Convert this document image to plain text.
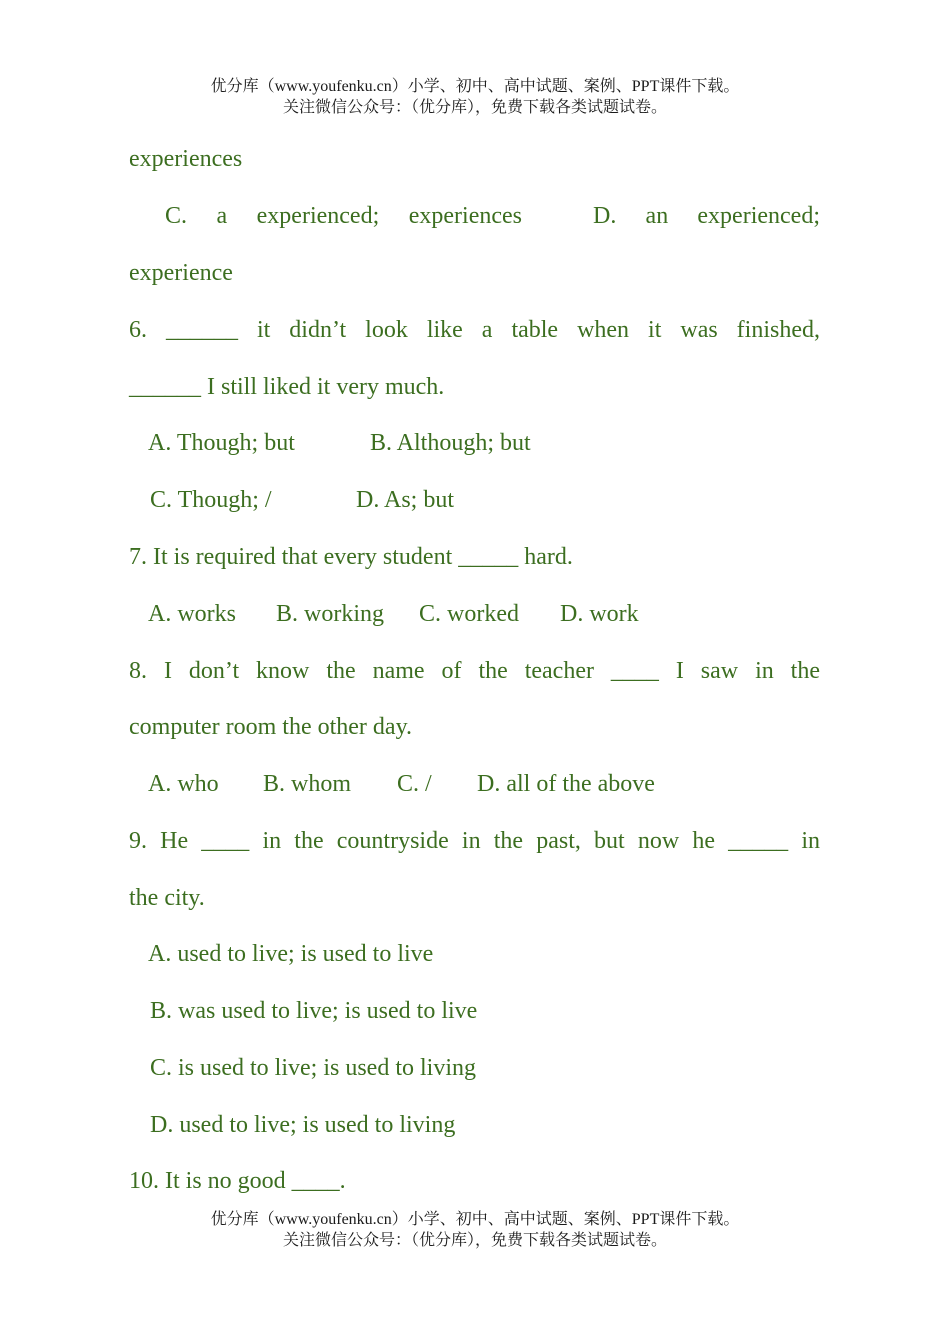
优分库（www.youfenku.cn）小学、初中、高中试题、案例、PPT课件下载。
关注微信公众号：（优分库），免费下载各类试题试卷。
experiences
C. a experienced; experiences	D. an experienced;
experience
6. ______ it didn’t look like a table when it was finished,
______ I still liked it very much.
A. Though; but	B. Although; but
C. Though; /	D. As; but
7. It is required that every student _____ hard.
A. works B. working C. worked D. work
8. I don’t know the name of the teacher ____ I saw in the
computer room the other day.
A. who B. whom C. / D. all of the above
9. He ____ in the countryside in the past, but now he _____ in
the city.
A. used to live; is used to live
B. was used to live; is used to live
C. is used to live; is used to living
D. used to live; is used to living
10. It is no good ____.
优分库（www.youfenku.cn）小学、初中、高中试题、案例、PPT课件下载。
关注微信公众号：（优分库），免费下载各类试题试卷。
